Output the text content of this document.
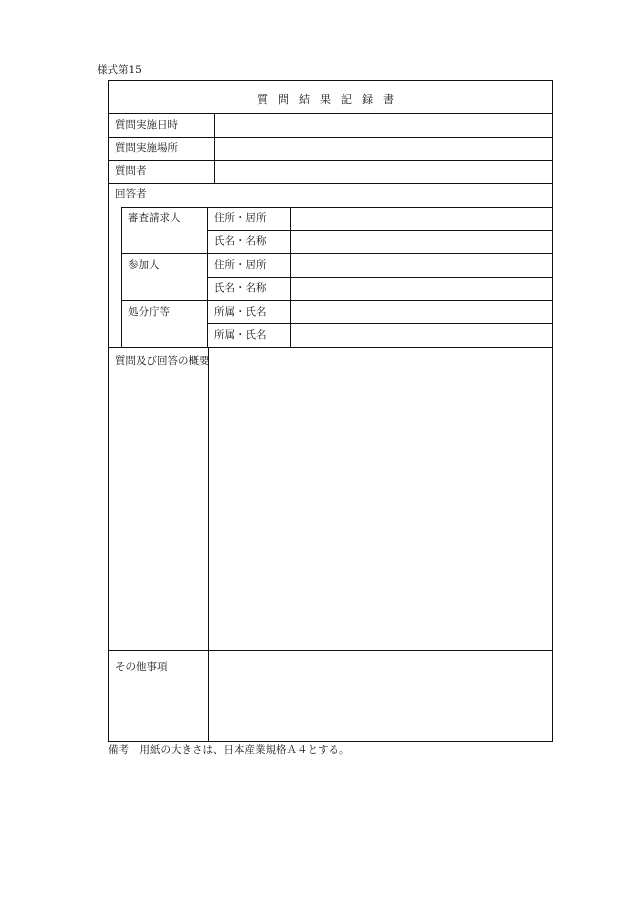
様式第15
質問結果記録書
質問実施日時
質問実施場所
質問者
回答者
審査請求人
参加人
処分庁等
住所・居所
氏名・名称
住所・居所
氏名・名称
所属・氏名
所属・氏名
質問及び回答の概要
その他事項
備考　用紙の大きさは、日本産業規格Ａ４とする。
